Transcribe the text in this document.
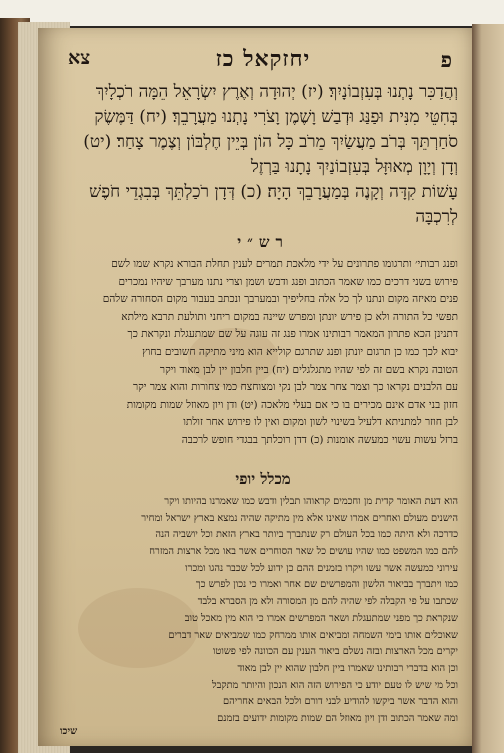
פ
יחזקאל כז
צא
וְהֲדַכִּר נָתְנוּ בְּעִזְבוֹנָיִךְ׃ (יז) יְהוּדָה וְאֶרֶץ יִשְׂרָאֵל הֵמָּה רֹכְלָיִךְ
בְּחִטֵּי מִנִּית וּפַנַּג וּדְבַשׁ וָשֶׁמֶן וָצֹרִי נָתְנוּ מַעֲרָבֵךְ׃ (יח) דַּמֶּשֶׂק
סֹחַרְתֵּךְ בְּרֹב מַעֲשַׂיִךְ מֵרֹב כָּל הוֹן בְּיֵין חֶלְבּוֹן וְצֶמֶר צָחַר׃ (יט)
וְדָן וְיָוָן מְאוּזָּל בְּעִזְבוֹנַיִךְ נָתָנוּ בַּרְזֶל
עָשׁוֹת קִדָּה וְקָנֶה בְּמַעֲרָבֵךְ הָיָה׃ (כ) דְּדָן רֹכַלְתֵּךְ בְּבִגְדֵי חֹפֶשׁ
לְרִכְבָּה
רש״י
ופנג רבותי׳ ותרגומו פתרונים על ידי מלאכת תמרים לענין תחלת הבורא נקרא שמו לשם
פירוש בשני דרכים כמו שאמר הכתוב ופנג ודבש ושמן וצרי נתנו מערבך שיהיו נמכרים
פנים מאיזה מקום ונתנו לך כל אלה בחליפיך ובמערבך ונכתב בעבור מקום הסחורה שלהם
תפשי כל התורה ולא כן פירש יונתן ומפרש שיינה במקום ריחני ותולעת תרבא מילתא
דתנינן הכא פתרון המאמר רבותינו אמרו פנג זה עוגה על שם שמתעגלת ונקראת כך
יבוא לכך כמו כן תרגום יונתן ופנג שתרגם קולייא הוא מיני מתיקה חשובים בחוץ
הטובה נקרא בשם זה לפי שהיו מתגלגלים (יח) ביין חלבון יין לבן מאוד ויקר
עם הלבנים נקראו כך וצמר צחר צמר לבן נקי ומצוחצח כמו צחורות והוא צמר יקר
חזון בני אדם אינם מכירים בו כי אם בעלי מלאכה (יט) ודן ויון מאוזל שמות מקומות
לבן חוזר למתניתא דלעיל בשינוי לשון ומקום ואין לו פירוש אחר זולתו
ברזל עשות עשוי כמעשה אומנות (כ) דדן רוכלתך בבגדי חופש לרכבה
מכלל יופי
הוא דעת האומר קדית מן וחכמים קראוהו תבלין ודבש כמו שאמרנו בהיותו ויקר
הישנים מעולם ואחרים אמרו שאינו אלא מין מתיקה שהיה נמצא בארץ ישראל ומחיר
כדרכה ולא היתה כמו בכל העולם רק שנתברך ביותר בארץ הזאת וכל יושביה הנה
להם כמו המשפט כמו שהיו עושים כל שאר הסוחרים אשר באו מכל ארצות המזרח
עירוני כמעשה אשר עשו ויקרו בזמנים ההם כן ידוע לכל שכבר נהגו ומכרו
כמו ויתברך בביאור הלשון והמפרשים שם אחר ואמרו כי נכון לפרש כך
שכתבו על פי הקבלה לפי שהיה להם מן המסורה ולא מן הסברא בלבד
שנקראת כך מפני שמתעגלת ושאר המפרשים אמרו כי הוא מין מאכל טוב
שאוכלים אותו בימי השמחה ומביאים אותו ממרחק כמו שמביאים שאר דברים
יקרים מכל הארצות ובזה נשלם ביאור הענין עם הכוונה לפי פשוטו
וכן הוא בדברי רבותינו שאמרו ביין חלבון שהוא יין לבן מאוד
וכל מי שיש לו טעם יודע כי הפירוש הזה הוא הנכון והיותר מתקבל
והוא הדבר אשר ביקשו להודיע לבני דורם ולכל הבאים אחריהם
ומה שאמר הכתוב ודן ויון מאוזל הם שמות מקומות ידועים בזמנם
שיכו
